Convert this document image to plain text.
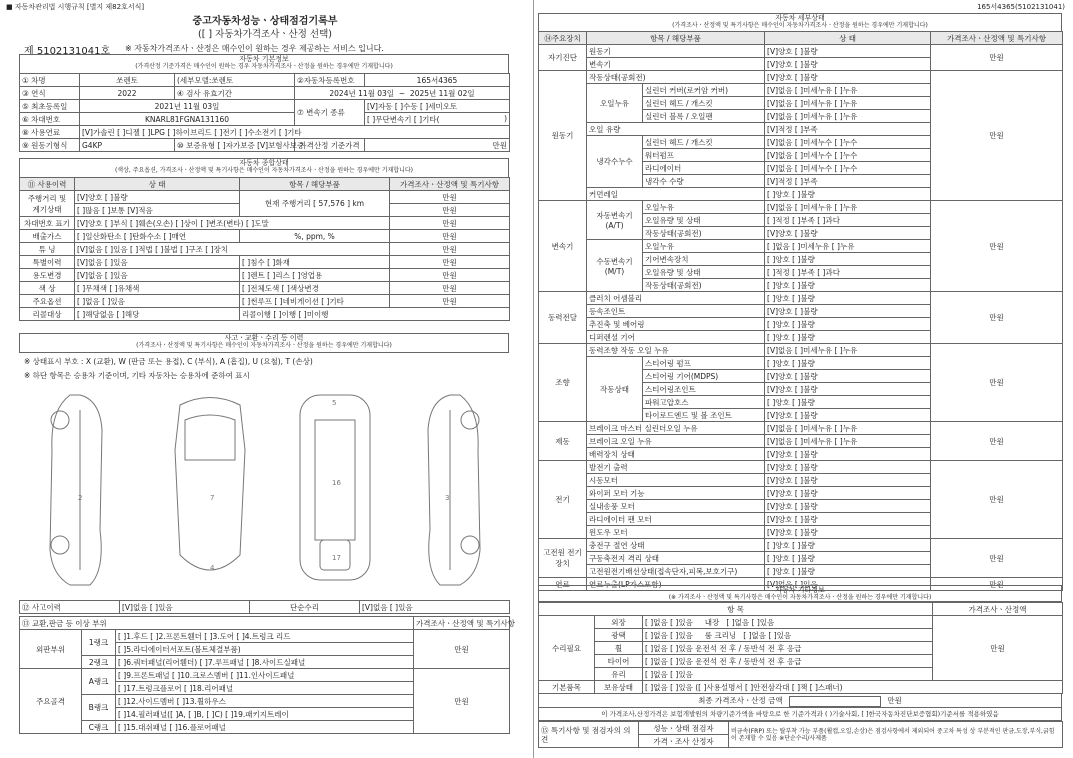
■ 자동차관리법 시행규칙 [별지 제82호서식]
중고자동차성능ㆍ상태점검기록부
([ ] 자동차가격조사ㆍ산정 선택)
제 5102131041호 ※ 자동차가격조사ㆍ산정은 매수인이 원하는 경우 제공하는 서비스 입니다.
자동차 기본정보
(가격산정 기준가격은 매수인이 원하는 경우 자동차가격조사ㆍ산정을 원하는 경우에만 기재합니다)
① 차명	쏘렌토	(세부모델:쏘렌토	②자동차등록번호	165서4365
③ 연식	2022	④ 검사 유효기간	2024년 11월 03일 ~ 2025년 11월 02일	
⑤ 최초등록일	2021년 11월 03일		⑦ 변속기 종류	[V]자동 [ ]수동 [ ]세미오토
⑥ 차대번호	KNARL81FGNA131160			[ ]무단변속기 [ ]기타( )

⑧ 사용연료	[V]가솔린 [ ]디젤 [ ]LPG [ ]하이브리드 [ ]전기 [ ]수소전기 [ ]기타			
⑨ 원동기형식	G4KP	⑩ 보증유형 [ ]자가보증 [V]보험사보증	가격산정 기준가격	만원
자동차 종합상태
(색상, 주요옵션, 가격조사ㆍ산정액 및 특기사항은 매수인이 자동차가격조사ㆍ산정을 원하는 경우에만 기재합니다)
⑪ 사용이력	상 태	항목 / 해당부품	가격조사ㆍ산정액 및 특기사항

주행거리 및
계기상태	[V]양호 [ ]불량	현재 주행거리 [ 57,576 ] km	만원
	[ ]많음 [ ]보통 [V]적음		만원
차대번호 표기	[V]양호 [ ]부식 [ ]훼손(오손) [ ]상이 [ ]변조(변타) [ ]도말		만원
배출가스	[ ]일산화탄소 [ ]탄화수소 [ ]매연	%, ppm, %	만원
튜 닝	[V]없음 [ ]있음 [ ]적법 [ ]불법 [ ]구조 [ ]장치		만원
특별이력	[V]없음 [ ]있음	[ ]침수 [ ]화재	만원
용도변경	[V]없음 [ ]있음	[ ]렌트 [ ]리스 [ ]영업용	만원
색 상	[ ]무채색 [ ]유채색	[ ]전체도색 [ ]색상변경	만원
주요옵션	[ ]없음 [ ]있음	[ ]썬루프 [ ]네비게이션 [ ]기타	만원
리콜대상	[ ]해당없음 [ ]해당	리콜이행 [ ]이행 [ ]미이행	
사고ㆍ교환ㆍ수리 등 이력
(가격조사ㆍ산정액 및 특기사항은 매수인이 자동차가격조사ㆍ산정을 원하는 경우에만 기재합니다)
※ 상태표시 부호 : X (교환), W (판금 또는 용접), C (부식), A (흠집), U (요철), T (손상)
※ 하단 항목은 승용차 기준이며, 기타 자동차는 승용차에 준하여 표시
2	7
4
5
16
17
3
⑫ 사고이력	[V]없음 [ ]있음	단순수리	[V]없음 [ ]있음
⑬ 교환,판금 등 이상 부위			가격조사ㆍ산정액 및 특기사항
외판부위	1랭크	[ ]1.후드 [ ]2.프론트휀더 [ ]3.도어 [ ]4.트렁크 리드	만원
		[ ]5.라디에이터서포트(볼트체결부품)	
	2랭크	[ ]6.쿼터패널(리어휀더) [ ]7.루프패널 [ ]8.사이드실패널	
주요골격	A랭크	[ ]9.프론트패널 [ ]10.크로스멤버 [ ]11.인사이드패널	만원
		[ ]17.트렁크플로어 [ ]18.리어패널	
	B랭크	[ ]12.사이드멤버 [ ]13.휠하우스	
		[ ]14.필러패널([ ]A, [ ]B, [ ]C) [ ]19.패키지트레이	
	C랭크	[ ]15.대쉬패널 [ ]16.플로어패널	
165서4365(5102131041)
자동차 세부상태
(가격조사ㆍ산정액 및 특기사항은 매수인이 자동차가격조사ㆍ산정을 원하는 경우에만 기재합니다)
⑭주요장치	항목 / 해당부품		상 태	가격조사ㆍ산정액 및 특기사항
자기진단	원동기		[V]양호 [ ]불량	만원
	변속기		[V]양호 [ ]불량	
원동기	작동상태(공회전)		[V]양호 [ ]불량	만원
	오일누유	실린더 커버(로커암 커버)	[V]없음 [ ]미세누유 [ ]누유	
		실린더 헤드 / 개스킷	[V]없음 [ ]미세누유 [ ]누유	
		실린더 블록 / 오일팬	[V]없음 [ ]미세누유 [ ]누유	
	오일 유량		[V]적정 [ ]부족	
	냉각수누수	실린더 헤드 / 개스킷	[V]없음 [ ]미세누수 [ ]누수	
		워터펌프	[V]없음 [ ]미세누수 [ ]누수	
		라디에이터	[V]없음 [ ]미세누수 [ ]누수	
		냉각수 수량	[V]적정 [ ]부족	
	커먼레일		[ ]양호 [ ]불량	
변속기	자동변속기(A/T)	오일누유	[V]없음 [ ]미세누유 [ ]누유	만원
		오일유량 및 상태	[ ]적정 [ ]부족 [ ]과다	
		작동상태(공회전)	[V]양호 [ ]불량	
	수동변속기(M/T)	오일누유	[ ]없음 [ ]미세누유 [ ]누유	
		기어변속장치	[ ]양호 [ ]불량	
		오일유량 및 상태	[ ]적정 [ ]부족 [ ]과다	
		작동상태(공회전)	[ ]양호 [ ]불량	
동력전달	클러치 어셈블리		[ ]양호 [ ]불량	만원
	등속조인트		[V]양호 [ ]불량	
	추진축 및 베어링		[ ]양호 [ ]불량	
	디퍼렌셜 기어		[ ]양호 [ ]불량	
조향	동력조향 작동 오일 누유		[V]없음 [ ]미세누유 [ ]누유	만원
	작동상태	스티어링 펌프	[ ]양호 [ ]불량	
		스티어링 기어(MDPS)	[V]양호 [ ]불량	
		스티어링조인트	[V]양호 [ ]불량	
		파워고압호스	[ ]양호 [ ]불량	
		타이로드엔드 및 볼 조인트	[V]양호 [ ]불량	
제동	브레이크 마스터 실린더오일 누유		[V]없음 [ ]미세누유 [ ]누유	만원
	브레이크 오일 누유		[V]없음 [ ]미세누유 [ ]누유	
	배력장치 상태		[V]양호 [ ]불량	
전기	발전기 출력		[V]양호 [ ]불량	만원
	시동모터		[V]양호 [ ]불량	
	와이퍼 모터 기능		[V]양호 [ ]불량	
	실내송풍 모터		[V]양호 [ ]불량	
	라디에이터 팬 모터		[V]양호 [ ]불량	
	윈도우 모터		[V]양호 [ ]불량	
고전원 전기장치	충전구 절연 상태		[ ]양호 [ ]불량	만원
	구동축전지 격리 상태		[ ]양호 [ ]불량	
	고전원전기배선상태(접속단자,피복,보호기구)		[ ]양호 [ ]불량	
연료	연료누출(LP가스포함)		[V]없음 [ ]있음	만원
자동차 기타정보
(※ 가격조사ㆍ산정액 및 특기사항은 매수인이 자동차가격조사ㆍ산정을 원하는 경우에만 기재합니다)
항 목			가격조사ㆍ산정액
수리필요	외장	[ ]없음 [ ]있음 내장 [ ]없음 [ ]있음	만원
	광택	[ ]없음 [ ]있음 룸 크리닝 [ ]없음 [ ]있음	
	휠	[ ]없음 [ ]있음 운전석 전 후 / 동반석 전 후 응급	
	타이어	[ ]없음 [ ]있음 운전석 전 후 / 동반석 전 후 응급	
	유리	[ ]없음 [ ]있음	
기본품목	보유상태	[ ]없음 [ ]있음 ([ ]사용설명서 [ ]안전삼각대 [ ]잭 [ ]스패너)	
최종 가격조사ㆍ산정 금액	만원
이 가격조사,산정가격은 보험개발원의 차량기준가액을 바탕으로 한 기준가격과 ( )기술사회, [ ]한국자동차진단보증협회)기준서를 적용하였음
⑮ 특기사항 및 점검자의 의견	성능ㆍ상태 점검자	비금속(FRP) 또는 탈부착 가능 부품(휠캡,오일,손상)은 점검사항에서 제외되어 중고차 특성 상 부분적인 판금,도장,부식,긁힘이 존재할 수 있음 ※단순수리/사제품
가격ㆍ조사 산정자
